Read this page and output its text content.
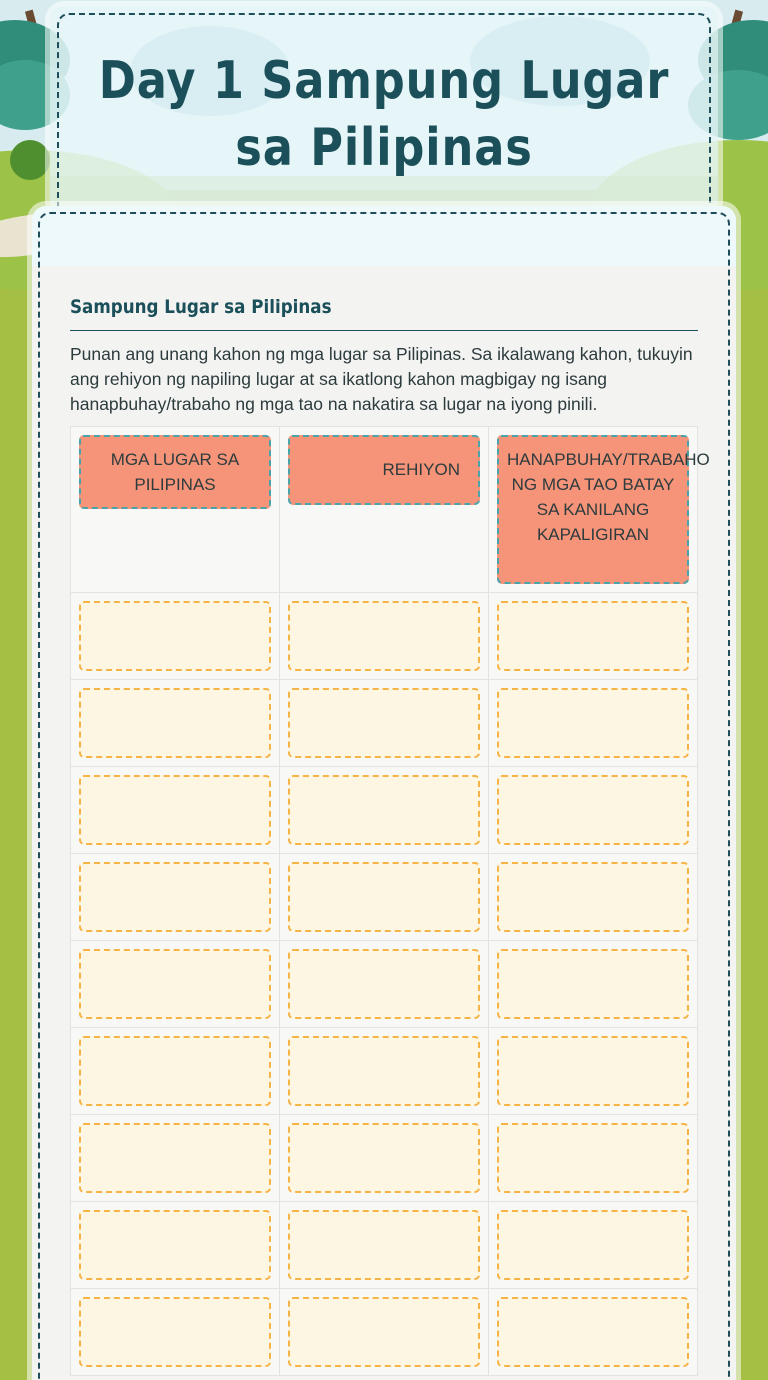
Day 1 Sampung Lugar sa Pilipinas
Sampung Lugar sa Pilipinas

Punan ang unang kahon ng mga lugar sa Pilipinas. Sa ikalawang kahon, tukuyin ang rehiyon ng napiling lugar at sa ikatlong kahon magbigay ng isang hanapbuhay/trabaho ng mga tao na nakatira sa lugar na iyong pinili.

MGA LUGAR SA PILIPINAS
REHIYON
HANAPBUHAY/TRABAHO NG MGA TAO BATAY SA KANILANG KAPALIGIRAN
